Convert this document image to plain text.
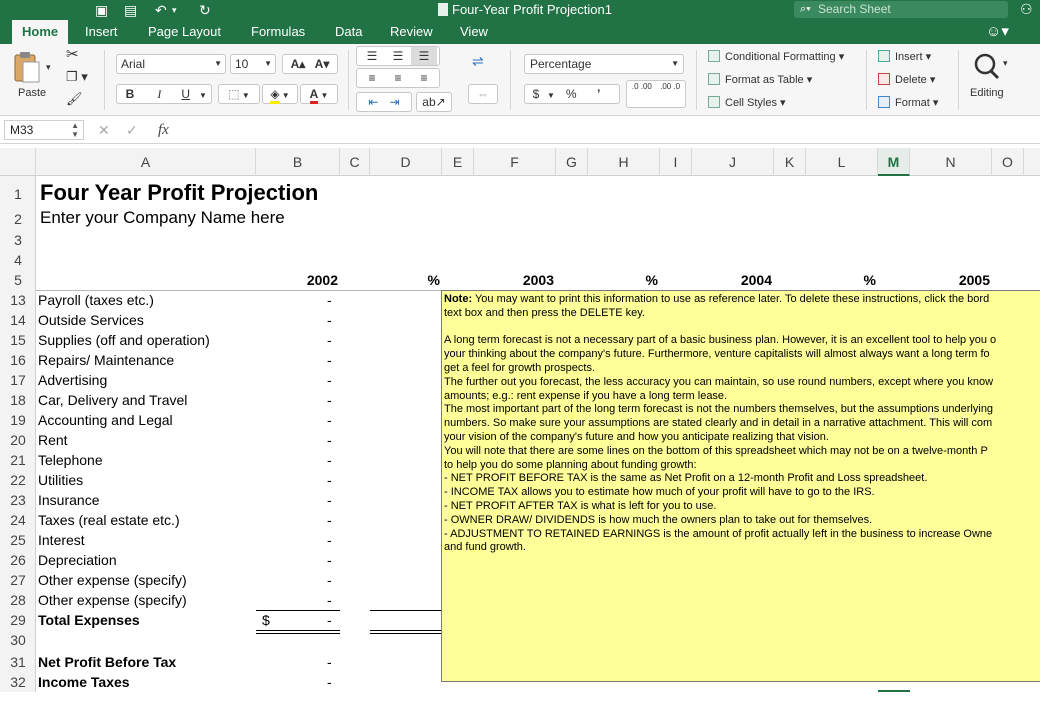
▣ ▤ ↶ ▾ ↻	Four-Year Profit Projection1	⌕▾ Search Sheet	⚇
Home	Insert Page Layout Formulas Data Review View	☺▾
▾
Paste
✂
❐ ▾
🖌
Arial	▼	10 ▼	A▴ A▾
B I U ▼	⬚ ▼	◈ ▼	A ▼
☰ ☰ ☰
≡ ≡ ≡
⇤ ⇥	ab↗
⇌
⇔
Percentage	▼
$ ▼ % ʼ
.0 .00 .00 .0
Conditional Formatting ▾
Format as Table ▾
Cell Styles ▾
Insert ▾
Delete ▾
Format ▾
▾
Editing
M33	▲
▼ ✕ ✓ fx
A	B	C	D	E	F	G	H	I	J	K	L	M	N	O
1
2
3
4
5
13
14
15
16
17
18
19
20
21
22
23
24
25
26
27
28
29
30
31
32
Four Year Profit Projection
Enter your Company Name here
2002	%	2003	%	2004	%	2005
Payroll (taxes etc.)	-
Outside Services	-
Supplies (off and operation)	-
Repairs/ Maintenance	-
Advertising	-
Car, Delivery and Travel	-
Accounting and Legal	-
Rent	-
Telephone	-
Utilities	-
Insurance	-
Taxes (real estate etc.)	-
Interest	-
Depreciation	-
Other expense (specify)	-
Other expense (specify)	-
Total Expenses	$	-
Net Profit Before Tax	-
Income Taxes	-

Note: You may want to print this information to use as reference later. To delete these instructions, click the bord

text box and then press the DELETE key.

A long term forecast is not a necessary part of a basic business plan. However, it is an excellent tool to help you o

your thinking about the company's future. Furthermore, venture capitalists will almost always want a long term fo

get a feel for growth prospects.

The further out you forecast, the less accuracy you can maintain, so use round numbers, except where you know

amounts; e.g.: rent expense if you have a long term lease.

The most important part of the long term forecast is not the numbers themselves, but the assumptions underlying

numbers. So make sure your assumptions are stated clearly and in detail in a narrative attachment. This will com

your vision of the company's future and how you anticipate realizing that vision.

You will note that there are some lines on the bottom of this spreadsheet which may not be on a twelve-month P

to help you do some planning about funding growth:

- NET PROFIT BEFORE TAX is the same as Net Profit on a 12-month Profit and Loss spreadsheet.

- INCOME TAX allows you to estimate how much of your profit will have to go to the IRS.

- NET PROFIT AFTER TAX is what is left for you to use.

- OWNER DRAW/ DIVIDENDS is how much the owners plan to take out for themselves.

- ADJUSTMENT TO RETAINED EARNINGS is the amount of profit actually left in the business to increase Owne

and fund growth.
